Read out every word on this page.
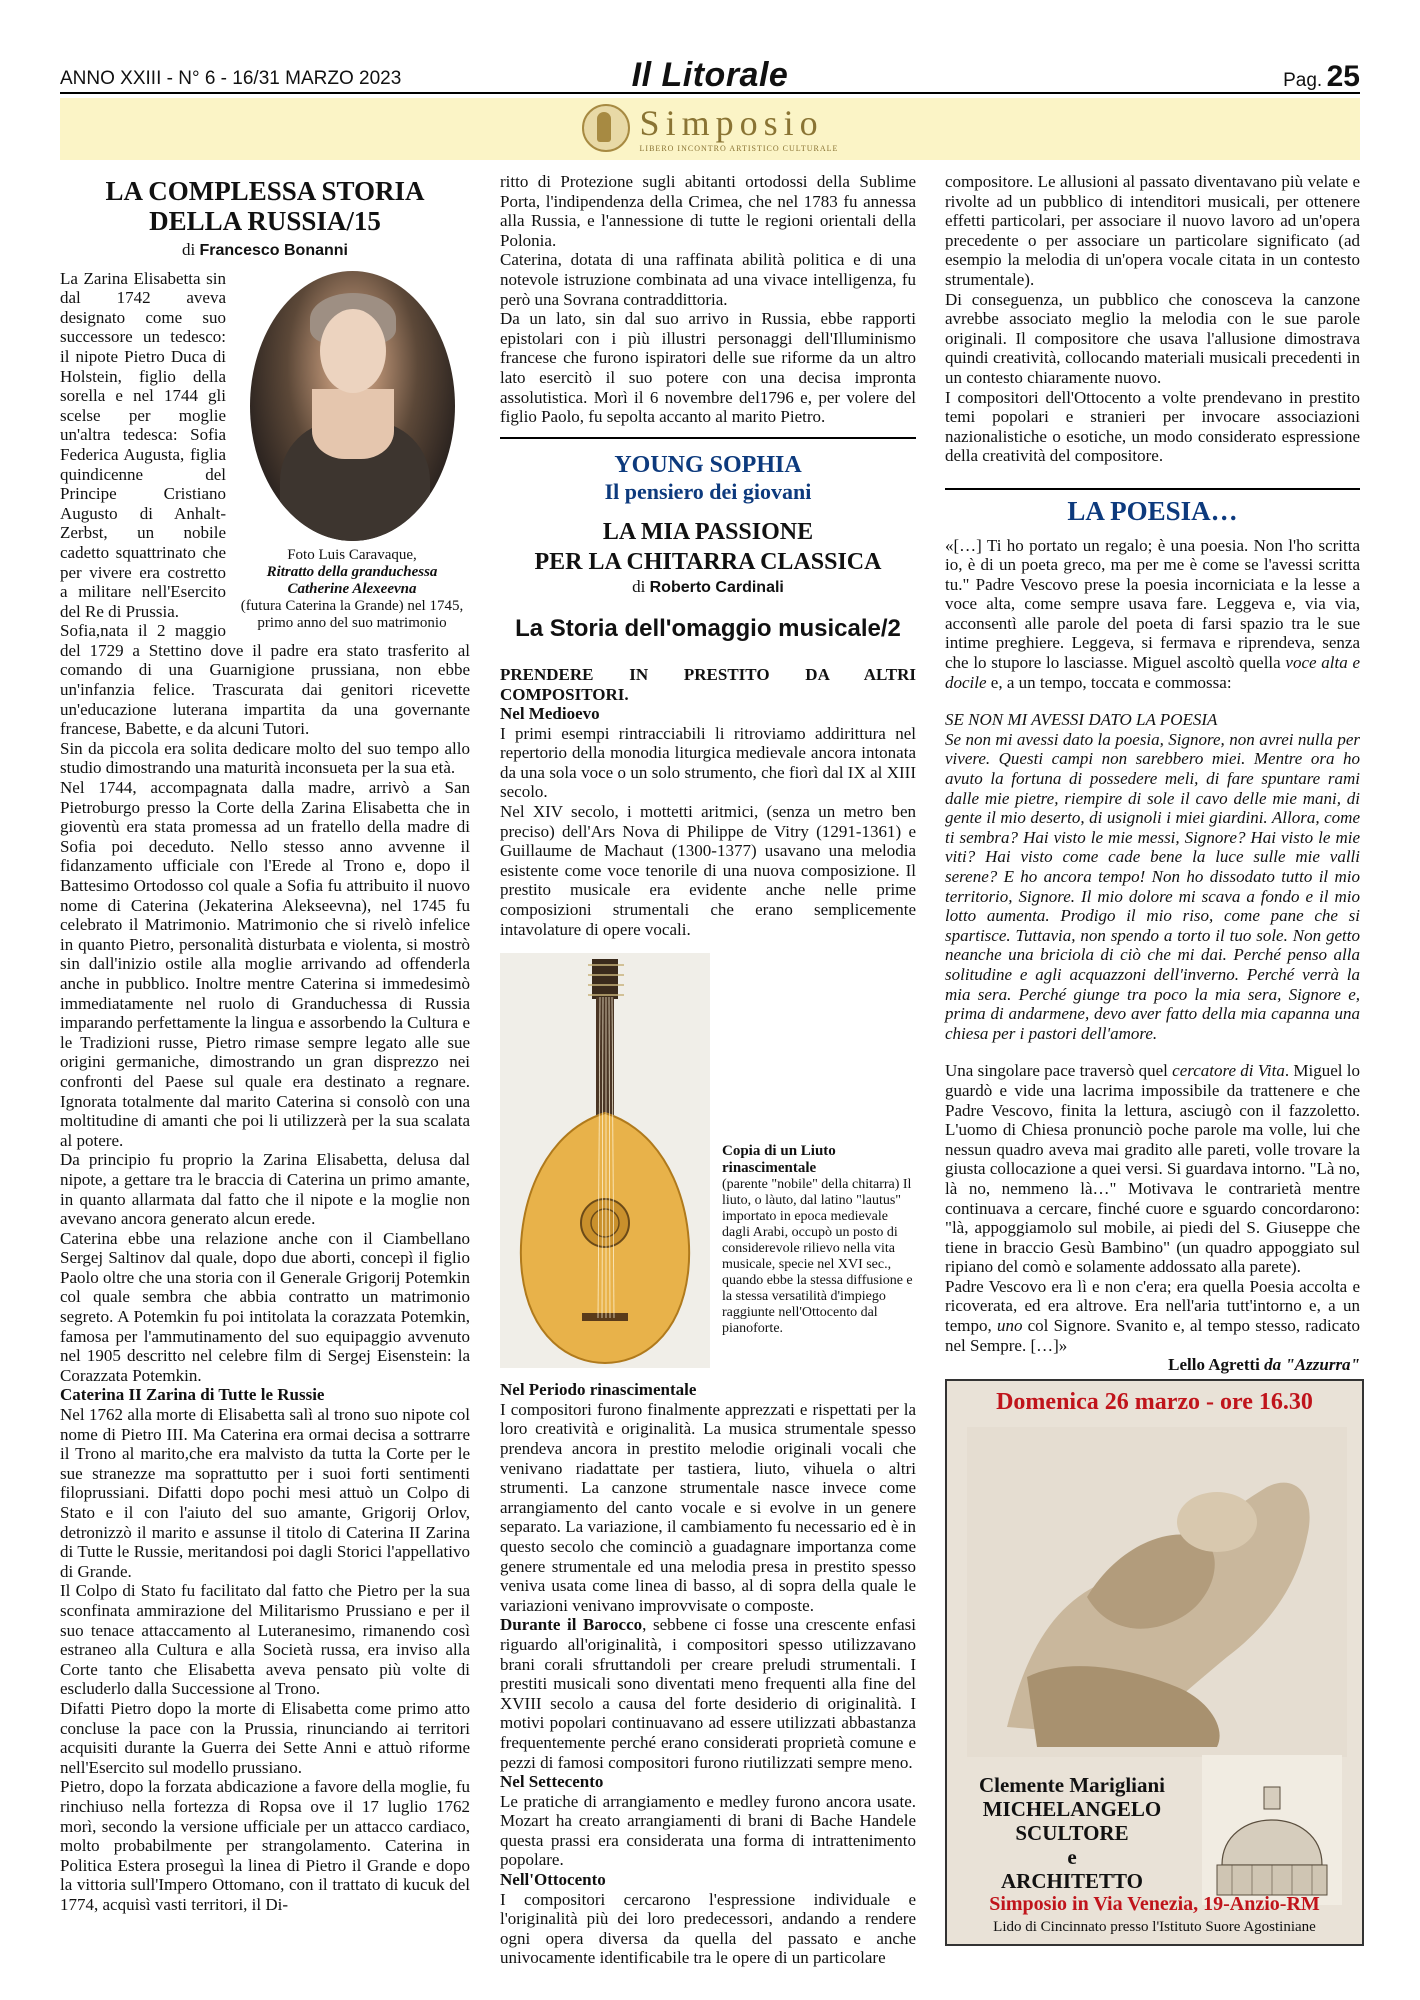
ANNO XXIII - N° 6 - 16/31 MARZO 2023	Il Litorale	Pag. 25

Simposio
LIBERO INCONTRO ARTISTICO CULTURALE
LA COMPLESSA STORIA
DELLA RUSSIA/15
di Francesco Bonanni
Foto Luis Caravaque,
Ritratto della granduchessa
Catherine Alexeevna
(futura Caterina la Grande) nel 1745,
primo anno del suo matrimonio

La Zarina Elisabetta sin dal 1742 aveva designato come suo successore un tedesco: il nipote Pietro Duca di Holstein, figlio della sorella e nel 1744 gli scelse per moglie un'altra tedesca: Sofia Federica Augusta, figlia quindicenne del Principe Cristiano Augusto di Anhalt-Zerbst, un nobile cadetto squattrinato che per vivere era costretto a militare nell'Esercito del Re di Prussia.

Sofia,nata il 2 maggio del 1729 a Stettino dove il padre era stato trasferito al comando di una Guarnigione prussiana, non ebbe un'infanzia felice. Trascurata dai genitori ricevette un'educazione luterana impartita da una governante francese, Babette, e da alcuni Tutori.

Sin da piccola era solita dedicare molto del suo tempo allo studio dimostrando una maturità inconsueta per la sua età.

Nel 1744, accompagnata dalla madre, arrivò a San Pietroburgo presso la Corte della Zarina Elisabetta che in gioventù era stata promessa ad un fratello della madre di Sofia poi deceduto. Nello stesso anno avvenne il fidanzamento ufficiale con l'Erede al Trono e, dopo il Battesimo Ortodosso col quale a Sofia fu attribuito il nuovo nome di Caterina (Jekaterina Alekseevna), nel 1745 fu celebrato il Matrimonio. Matrimonio che si rivelò infelice in quanto Pietro, personalità disturbata e violenta, si mostrò sin dall'inizio ostile alla moglie arrivando ad offenderla anche in pubblico. Inoltre mentre Caterina si immedesimò immediatamente nel ruolo di Granduchessa di Russia imparando perfettamente la lingua e assorbendo la Cultura e le Tradizioni russe, Pietro rimase sempre legato alle sue origini germaniche, dimostrando un gran disprezzo nei confronti del Paese sul quale era destinato a regnare. Ignorata totalmente dal marito Caterina si consolò con una moltitudine di amanti che poi li utilizzerà per la sua scalata al potere.

Da principio fu proprio la Zarina Elisabetta, delusa dal nipote, a gettare tra le braccia di Caterina un primo amante, in quanto allarmata dal fatto che il nipote e la moglie non avevano ancora generato alcun erede.

Caterina ebbe una relazione anche con il Ciambellano Sergej Saltinov dal quale, dopo due aborti, concepì il figlio Paolo oltre che una storia con il Generale Grigorij Potemkin col quale sembra che abbia contratto un matrimonio segreto. A Potemkin fu poi intitolata la corazzata Potemkin, famosa per l'ammutinamento del suo equipaggio avvenuto nel 1905 descritto nel celebre film di Sergej Eisenstein: la Corazzata Potemkin.

Caterina II Zarina di Tutte le Russie

Nel 1762 alla morte di Elisabetta salì al trono suo nipote col nome di Pietro III. Ma Caterina era ormai decisa a sottrarre il Trono al marito,che era malvisto da tutta la Corte per le sue stranezze ma soprattutto per i suoi forti sentimenti filoprussiani. Difatti dopo pochi mesi attuò un Colpo di Stato e il con l'aiuto del suo amante, Grigorij Orlov, detronizzò il marito e assunse il titolo di Caterina II Zarina di Tutte le Russie, meritandosi poi dagli Storici l'appellativo di Grande.

Il Colpo di Stato fu facilitato dal fatto che Pietro per la sua sconfinata ammirazione del Militarismo Prussiano e per il suo tenace attaccamento al Luteranesimo, rimanendo così estraneo alla Cultura e alla Società russa, era inviso alla Corte tanto che Elisabetta aveva pensato più volte di escluderlo dalla Successione al Trono.

Difatti Pietro dopo la morte di Elisabetta come primo atto concluse la pace con la Prussia, rinunciando ai territori acquisiti durante la Guerra dei Sette Anni e attuò riforme nell'Esercito sul modello prussiano.

Pietro, dopo la forzata abdicazione a favore della moglie, fu rinchiuso nella fortezza di Ropsa ove il 17 luglio 1762 morì, secondo la versione ufficiale per un attacco cardiaco, molto probabilmente per strangolamento. Caterina in Politica Estera proseguì la linea di Pietro il Grande e dopo la vittoria sull'Impero Ottomano, con il trattato di kucuk del 1774, acquisì vasti territori, il Di-

ritto di Protezione sugli abitanti ortodossi della Sublime Porta, l'indipendenza della Crimea, che nel 1783 fu annessa alla Russia, e l'annessione di tutte le regioni orientali della Polonia.

Caterina, dotata di una raffinata abilità politica e di una notevole istruzione combinata ad una vivace intelligenza, fu però una Sovrana contraddittoria.

Da un lato, sin dal suo arrivo in Russia, ebbe rapporti epistolari con i più illustri personaggi dell'Illuminismo francese che furono ispiratori delle sue riforme da un altro lato esercitò il suo potere con una decisa impronta assolutistica. Morì il 6 novembre del1796 e, per volere del figlio Paolo, fu sepolta accanto al marito Pietro.

YOUNG SOPHIA
Il pensiero dei giovani
LA MIA PASSIONE
PER LA CHITARRA CLASSICA
di Roberto Cardinali
La Storia dell'omaggio musicale/2

PRENDERE IN PRESTITO DA ALTRI COMPOSITORI.

Nel Medioevo

I primi esempi rintracciabili li ritroviamo addirittura nel repertorio della monodia liturgica medievale ancora intonata da una sola voce o un solo strumento, che fiorì dal IX al XIII secolo.

Nel XIV secolo, i mottetti aritmici, (senza un metro ben preciso) dell'Ars Nova di Philippe de Vitry (1291-1361) e Guillaume de Machaut (1300-1377) usavano una melodia esistente come voce tenorile di una nuova composizione. Il prestito musicale era evidente anche nelle prime composizioni strumentali che erano semplicemente intavolature di opere vocali.

Copia di un Liuto
rinascimentale
(parente "nobile" della chitarra) Il liuto, o làuto, dal latino "lautus" importato in epoca medievale dagli Arabi, occupò un posto di considerevole rilievo nella vita musicale, specie nel XVI sec., quando ebbe la stessa diffusione e la stessa versatilità d'impiego raggiunte nell'Ottocento dal pianoforte.

Nel Periodo rinascimentale

I compositori furono finalmente apprezzati e rispettati per la loro creatività e originalità. La musica strumentale spesso prendeva ancora in prestito melodie originali vocali che venivano riadattate per tastiera, liuto, vihuela o altri strumenti. La canzone strumentale nasce invece come arrangiamento del canto vocale e si evolve in un genere separato. La variazione, il cambiamento fu necessario ed è in questo secolo che cominciò a guadagnare importanza come genere strumentale ed una melodia presa in prestito spesso veniva usata come linea di basso, al di sopra della quale le variazioni venivano improvvisate o composte.

Durante il Barocco, sebbene ci fosse una crescente enfasi riguardo all'originalità, i compositori spesso utilizzavano brani corali sfruttandoli per creare preludi strumentali. I prestiti musicali sono diventati meno frequenti alla fine del XVIII secolo a causa del forte desiderio di originalità. I motivi popolari continuavano ad essere utilizzati abbastanza frequentemente perché erano considerati proprietà comune e pezzi di famosi compositori furono riutilizzati sempre meno.

Nel Settecento

Le pratiche di arrangiamento e medley furono ancora usate. Mozart ha creato arrangiamenti di brani di Bache Handele questa prassi era considerata una forma di intrattenimento popolare.

Nell'Ottocento

I compositori cercarono l'espressione individuale e l'originalità più dei loro predecessori, andando a rendere ogni opera diversa da quella del passato e anche univocamente identificabile tra le opere di un particolare

compositore. Le allusioni al passato diventavano più velate e rivolte ad un pubblico di intenditori musicali, per ottenere effetti particolari, per associare il nuovo lavoro ad un'opera precedente o per associare un particolare significato (ad esempio la melodia di un'opera vocale citata in un contesto strumentale).

Di conseguenza, un pubblico che conosceva la canzone avrebbe associato meglio la melodia con le sue parole originali. Il compositore che usava l'allusione dimostrava quindi creatività, collocando materiali musicali precedenti in un contesto chiaramente nuovo.

I compositori dell'Ottocento a volte prendevano in prestito temi popolari e stranieri per invocare associazioni nazionalistiche o esotiche, un modo considerato espressione della creatività del compositore.

LA POESIA…

«[…] Ti ho portato un regalo; è una poesia. Non l'ho scritta io, è di un poeta greco, ma per me è come se l'avessi scritta tu." Padre Vescovo prese la poesia incorniciata e la lesse a voce alta, come sempre usava fare. Leggeva e, via via, acconsentì alle parole del poeta di farsi spazio tra le sue intime preghiere. Leggeva, si fermava e riprendeva, senza che lo stupore lo lasciasse. Miguel ascoltò quella voce alta e docile e, a un tempo, toccata e commossa:

SE NON MI AVESSI DATO LA POESIA

Se non mi avessi dato la poesia, Signore, non avrei nulla per vivere. Questi campi non sarebbero miei. Mentre ora ho avuto la fortuna di possedere meli, di fare spuntare rami dalle mie pietre, riempire di sole il cavo delle mie mani, di gente il mio deserto, di usignoli i miei giardini. Allora, come ti sembra? Hai visto le mie messi, Signore? Hai visto le mie viti? Hai visto come cade bene la luce sulle mie valli serene? E ho ancora tempo! Non ho dissodato tutto il mio territorio, Signore. Il mio dolore mi scava a fondo e il mio lotto aumenta. Prodigo il mio riso, come pane che si spartisce. Tuttavia, non spendo a torto il tuo sole. Non getto neanche una briciola di ciò che mi dai. Perché penso alla solitudine e agli acquazzoni dell'inverno. Perché verrà la mia sera. Perché giunge tra poco la mia sera, Signore e, prima di andarmene, devo aver fatto della mia capanna una chiesa per i pastori dell'amore.

Una singolare pace traversò quel cercatore di Vita. Miguel lo guardò e vide una lacrima impossibile da trattenere e che Padre Vescovo, finita la lettura, asciugò con il fazzoletto. L'uomo di Chiesa pronunciò poche parole ma volle, lui che nessun quadro aveva mai gradito alle pareti, volle trovare la giusta collocazione a quei versi. Si guardava intorno. "Là no, là no, nemmeno là…" Motivava le contrarietà mentre continuava a cercare, finché cuore e sguardo concordarono: "là, appoggiamolo sul mobile, ai piedi del S. Giuseppe che tiene in braccio Gesù Bambino" (un quadro appoggiato sul ripiano del comò e solamente addossato alla parete).

Padre Vescovo era lì e non c'era; era quella Poesia accolta e ricoverata, ed era altrove. Era nell'aria tutt'intorno e, a un tempo, uno col Signore. Svanito e, al tempo stesso, radicato nel Sempre. […]»

Lello Agretti da "Azzurra"

Domenica 26 marzo - ore 16.30
Clemente Marigliani
MICHELANGELO
SCULTORE
e
ARCHITETTO
Simposio in Via Venezia, 19-Anzio-RM
Lido di Cincinnato presso l'Istituto Suore Agostiniane
